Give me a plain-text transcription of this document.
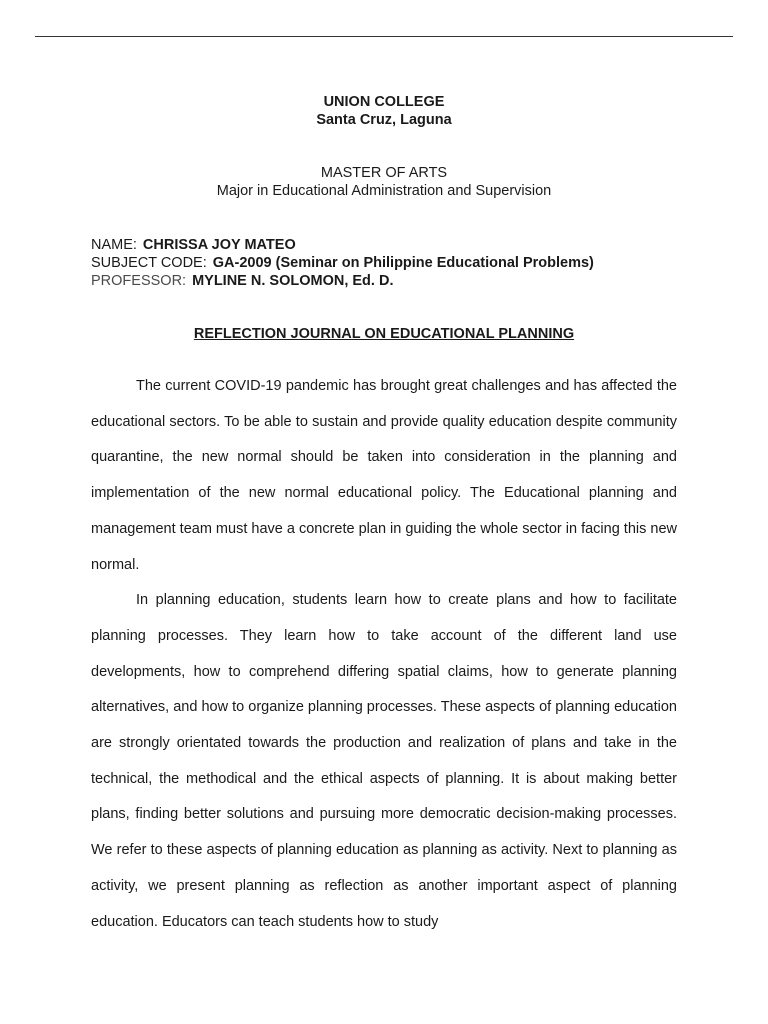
UNION COLLEGE
Santa Cruz, Laguna
MASTER OF ARTS
Major in Educational Administration and Supervision
NAME: CHRISSA JOY MATEO
SUBJECT CODE: GA-2009 (Seminar on Philippine Educational Problems)
PROFESSOR: MYLINE N. SOLOMON, Ed. D.
REFLECTION JOURNAL ON EDUCATIONAL PLANNING

The current COVID-19 pandemic has brought great challenges and has affected the educational sectors. To be able to sustain and provide quality education despite community quarantine, the new normal should be taken into consideration in the planning and implementation of the new normal educational policy. The Educational planning and management team must have a concrete plan in guiding the whole sector in facing this new normal.

In planning education, students learn how to create plans and how to facilitate planning processes. They learn how to take account of the different land use developments, how to comprehend differing spatial claims, how to generate planning alternatives, and how to organize planning processes. These aspects of planning education are strongly orientated towards the production and realization of plans and take in the technical, the methodical and the ethical aspects of planning. It is about making better plans, finding better solutions and pursuing more democratic decision-making processes. We refer to these aspects of planning education as planning as activity. Next to planning as activity, we present planning as reflection as another important aspect of planning education. Educators can teach students how to study
